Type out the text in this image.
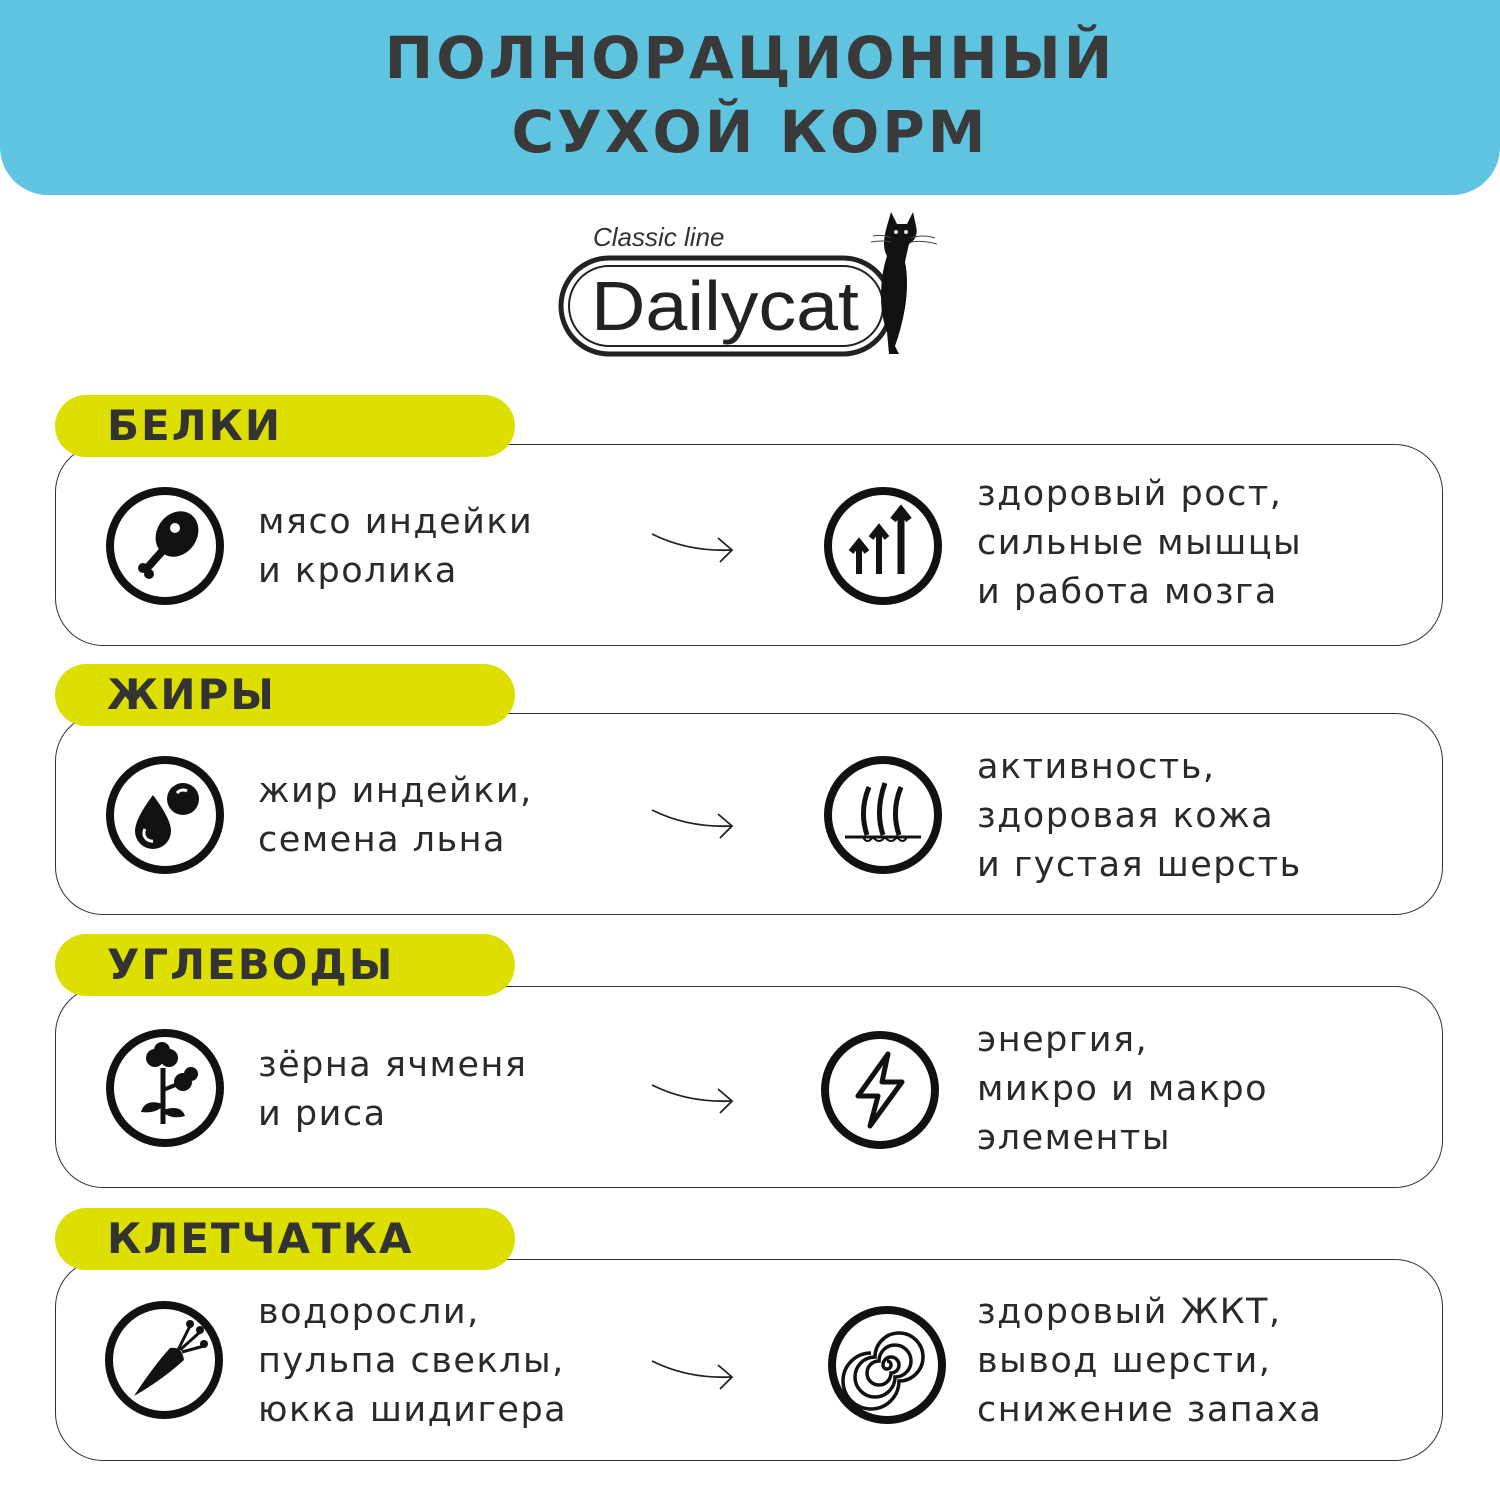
ПОЛНОРАЦИОННЫЙ
СУХОЙ КОРМ
Classic line
Dailycat
БЕЛКИ
мясо индейки
и кролика
здоровый рост,
сильные мышцы
и работа мозга
ЖИРЫ
жир индейки,
семена льна
активность,
здоровая кожа
и густая шерсть
УГЛЕВОДЫ
зёрна ячменя
и риса
энергия,
микро и макро
элементы
КЛЕТЧАТКА
водоросли,
пульпа свеклы,
юкка шидигера
здоровый ЖКТ,
вывод шерсти,
снижение запаха
